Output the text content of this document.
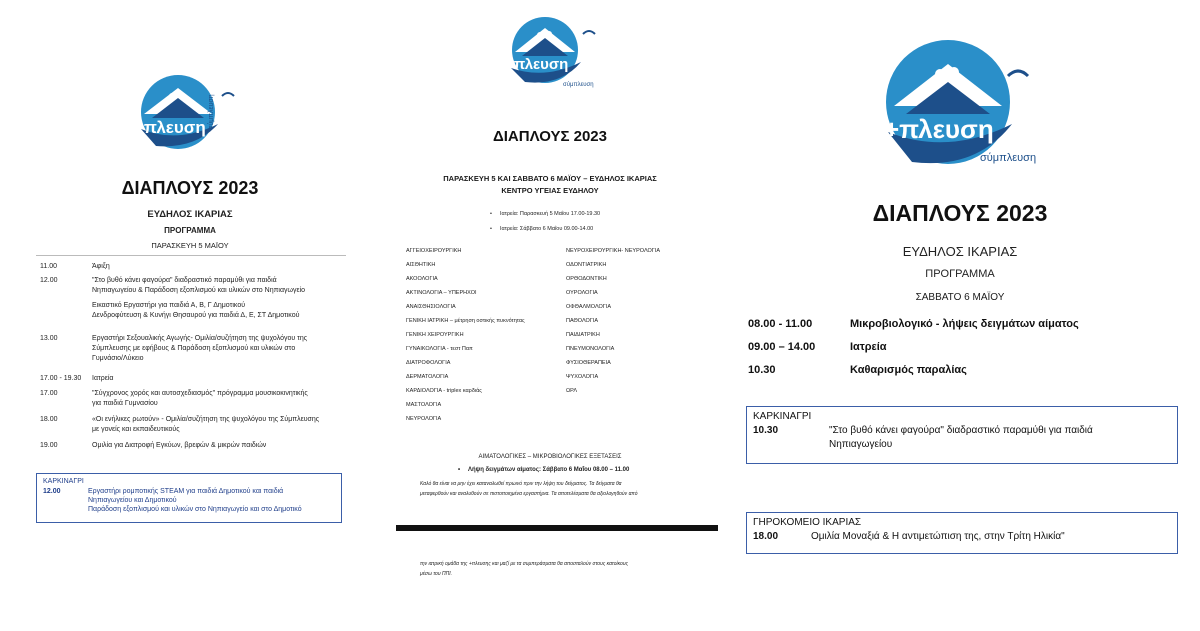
+πλευση σύμπλευση
ΔΙΑΠΛΟΥΣ 2023
ΕΥΔΗΛΟΣ ΙΚΑΡΙΑΣ
ΠΡΟΓΡΑΜΜΑ
ΠΑΡΑΣΚΕΥΗ 5 ΜΑΪΟΥ
11.00	Άφιξη
12.00	"Στο βυθό κάνει φαγούρα" διαδραστικό παραμύθι για παιδιά
Νηπιαγωγείου & Παράδοση εξοπλισμού και υλικών στο Νηπιαγωγείο
Εικαστικό Εργαστήρι για παιδιά Α, Β, Γ Δημοτικού
Δενδροφύτευση & Κυνήγι Θησαυρού για παιδιά Δ, Ε, ΣΤ Δημοτικού
13.00	Εργαστήρι Σεξουαλικής Αγωγής- Ομιλία/συζήτηση της ψυχολόγου της
Σύμπλευσης με εφήβους & Παράδοση εξοπλισμού και υλικών στο
Γυμνάσιο/Λύκειο
17.00 - 19.30 Ιατρεία
17.00	"Σύγχρονος χορός και αυτοσχεδιασμός" πρόγραμμα μουσικοκινητικής
για παιδιά Γυμνασίου
18.00	«Οι ενήλικες ρωτούν» - Ομιλία/συζήτηση της ψυχολόγου της Σύμπλευσης
με γονείς και εκπαιδευτικούς
19.00	Ομιλία για Διατροφή Εγκύων, βρεφών & μικρών παιδιών
ΚΑΡΚΙΝΑΓΡΙ
12.00	Εργαστήρι ρομποτικής STEAM για παιδιά Δημοτικού και παιδιά
Νηπιαγωγείου και Δημοτικού
Παράδοση εξοπλισμού και υλικών στο Νηπιαγωγείο και στο Δημοτικό
+πλευση
σύμπλευση
ΔΙΑΠΛΟΥΣ 2023
ΠΑΡΑΣΚΕΥΗ 5 ΚΑΙ ΣΑΒΒΑΤΟ 6 ΜΑΪΟΥ – ΕΥΔΗΛΟΣ ΙΚΑΡΙΑΣ
ΚΕΝΤΡΟ ΥΓΕΙΑΣ ΕΥΔΗΛΟΥ
• Ιατρεία: Παρασκευή 5 Μαΐου 17.00-19.30
• Ιατρεία: Σάββατο 6 Μαΐου 09.00-14.00
ΑΓΓΕΙΟΧΕΙΡΟΥΡΓΙΚΗ
ΑΙΣΘΗΤΙΚΗ
ΑΚΟΟΛΟΓΙΑ
ΑΚΤΙΝΟΛΟΓΙΑ – ΥΠΕΡΗΧΟΙ
ΑΝΑΙΣΘΗΣΙΟΛΟΓΙΑ
ΓΕΝΙΚΗ ΙΑΤΡΙΚΗ – μέτρηση οστικής πυκνότητας
ΓΕΝΙΚΗ ΧΕΙΡΟΥΡΓΙΚΗ
ΓΥΝΑΙΚΟΛΟΓΙΑ - τεστ Παπ
ΔΙΑΤΡΟΦΟΛΟΓΙΑ
ΔΕΡΜΑΤΟΛΟΓΙΑ
ΚΑΡΔΙΟΛΟΓΙΑ - triplex καρδιάς
ΜΑΣΤΟΛΟΓΙΑ
ΝΕΥΡΟΛΟΓΙΑ
ΝΕΥΡΟΧΕΙΡΟΥΡΓΙΚΗ- ΝΕΥΡΟΛΟΓΙΑ
ΟΔΟΝΤΙΑΤΡΙΚΗ
ΟΡΘΟΔΟΝΤΙΚΗ
ΟΥΡΟΛΟΓΙΑ
ΟΦΘΑΛΜΟΛΟΓΙΑ
ΠΑΘΟΛΟΓΙΑ
ΠΑΙΔΙΑΤΡΙΚΗ
ΠΝΕΥΜΟΝΟΛΟΓΙΑ
ΦΥΣΙΟΘΕΡΑΠΕΙΑ
ΨΥΧΟΛΟΓΙΑ
ΩΡΛ
ΑΙΜΑΤΟΛΟΓΙΚΕΣ – ΜΙΚΡΟΒΙΟΛΟΓΙΚΕΣ ΕΞΕΤΑΣΕΙΣ
• Λήψη δειγμάτων αίματος: Σάββατο 6 Μαΐου 08.00 – 11.00
Καλό θα είναι να μην έχει καταναλωθεί πρωινό πριν την λήψη του δείγματος. Τα δείγματα θα
μεταφερθούν και αναλυθούν σε πιστοποιημένα εργαστήρια. Τα αποτελέσματα θα αξιολογηθούν από
την ιατρική ομάδα της +πλευσης και μαζί με τα συμπεράσματα θα αποσταλούν στους κατοίκους
μέσω του ΠΠΙ.
+πλευση
σύμπλευση
ΔΙΑΠΛΟΥΣ 2023
ΕΥΔΗΛΟΣ ΙΚΑΡΙΑΣ
ΠΡΟΓΡΑΜΜΑ
ΣΑΒΒΑΤΟ 6 ΜΑΪΟΥ
08.00 - 11.00	Μικροβιολογικό - λήψεις δειγμάτων αίματος
09.00 – 14.00	Ιατρεία
10.30	Καθαρισμός παραλίας
ΚΑΡΚΙΝΑΓΡΙ
10.30	"Στο βυθό κάνει φαγούρα" διαδραστικό παραμύθι για παιδιά
Νηπιαγωγείου
ΓΗΡΟΚΟΜΕΙΟ ΙΚΑΡΙΑΣ
18.00	Ομιλία Μοναξιά & Η αντιμετώπιση της, στην Τρίτη Ηλικία"
